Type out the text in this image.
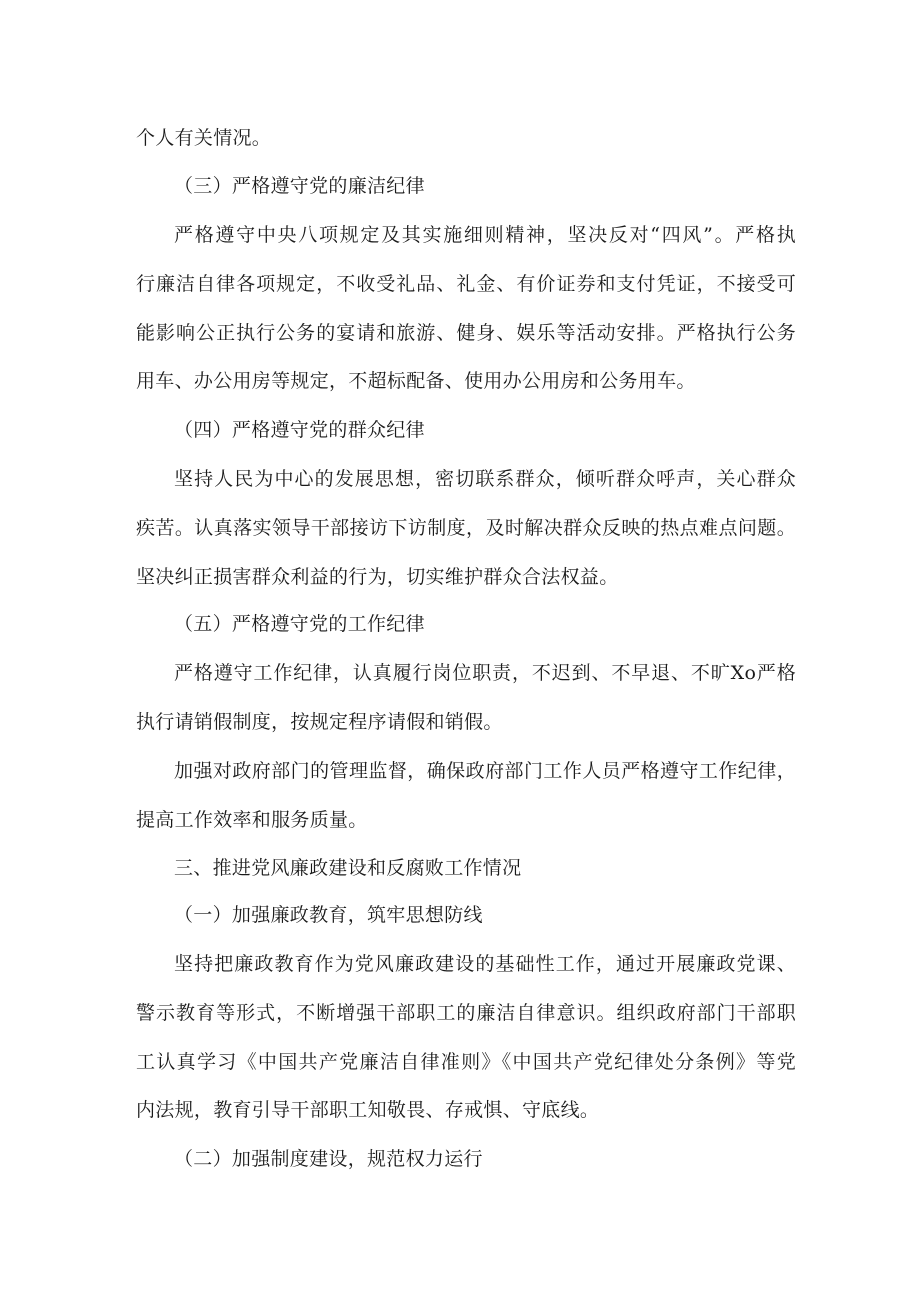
个人有关情况。
（三）严格遵守党的廉洁纪律
严格遵守中央八项规定及其实施细则精神，坚决反对“四风”。严格执
行廉洁自律各项规定，不收受礼品、礼金、有价证券和支付凭证，不接受可
能影响公正执行公务的宴请和旅游、健身、娱乐等活动安排。严格执行公务
用车、办公用房等规定，不超标配备、使用办公用房和公务用车。
（四）严格遵守党的群众纪律
坚持人民为中心的发展思想，密切联系群众，倾听群众呼声，关心群众
疾苦。认真落实领导干部接访下访制度，及时解决群众反映的热点难点问题。
坚决纠正损害群众利益的行为，切实维护群众合法权益。
（五）严格遵守党的工作纪律
严格遵守工作纪律，认真履行岗位职责，不迟到、不早退、不旷Xo严格
执行请销假制度，按规定程序请假和销假。
加强对政府部门的管理监督，确保政府部门工作人员严格遵守工作纪律，
提高工作效率和服务质量。
三、推进党风廉政建设和反腐败工作情况
（一）加强廉政教育，筑牢思想防线
坚持把廉政教育作为党风廉政建设的基础性工作，通过开展廉政党课、
警示教育等形式，不断增强干部职工的廉洁自律意识。组织政府部门干部职
工认真学习《中国共产党廉洁自律准则》《中国共产党纪律处分条例》等党
内法规，教育引导干部职工知敬畏、存戒惧、守底线。
（二）加强制度建设，规范权力运行
